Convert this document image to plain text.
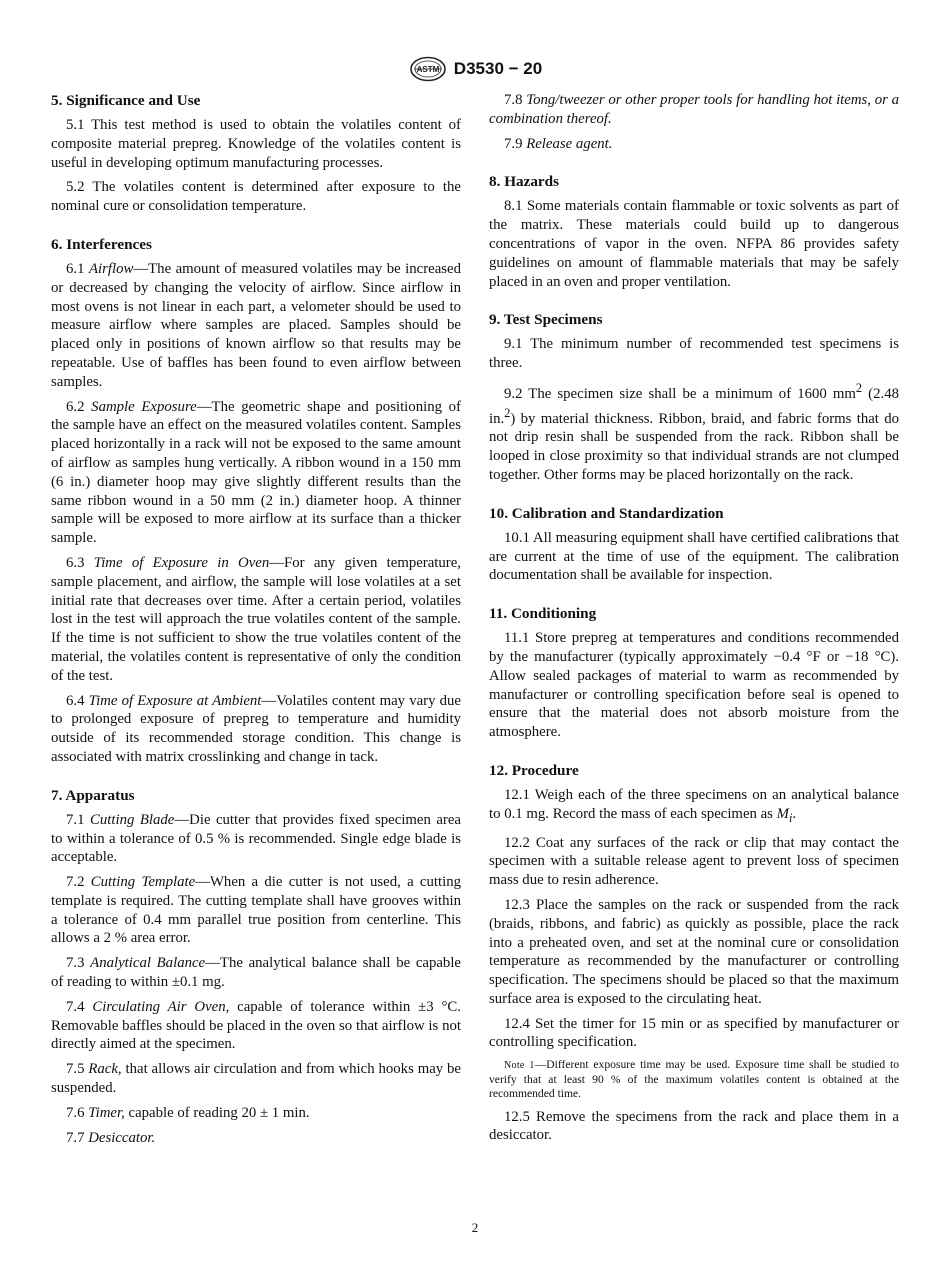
ASTM D3530 − 20
5. Significance and Use

5.1 This test method is used to obtain the volatiles content of composite material prepreg. Knowledge of the volatiles content is useful in developing optimum manufacturing processes.

5.2 The volatiles content is determined after exposure to the nominal cure or consolidation temperature.

6. Interferences

6.1 Airflow—The amount of measured volatiles may be increased or decreased by changing the velocity of airflow. Since airflow in most ovens is not linear in each part, a velometer should be used to measure airflow where samples are placed. Samples should be placed only in positions of known airflow so that results may be repeatable. Use of baffles has been found to even airflow between samples.

6.2 Sample Exposure—The geometric shape and positioning of the sample have an effect on the measured volatiles content. Samples placed horizontally in a rack will not be exposed to the same amount of airflow as samples hung vertically. A ribbon wound in a 150 mm (6 in.) diameter hoop may give slightly different results than the same ribbon wound in a 50 mm (2 in.) diameter hoop. A thinner sample will be exposed to more airflow at its surface than a thicker sample.

6.3 Time of Exposure in Oven—For any given temperature, sample placement, and airflow, the sample will lose volatiles at a set initial rate that decreases over time. After a certain period, volatiles lost in the test will approach the true volatiles content of the sample. If the time is not sufficient to show the true volatiles content of the material, the volatiles content is representative of only the condition of the test.

6.4 Time of Exposure at Ambient—Volatiles content may vary due to prolonged exposure of prepreg to temperature and humidity outside of its recommended storage condition. This change is associated with matrix crosslinking and change in tack.

7. Apparatus

7.1 Cutting Blade—Die cutter that provides fixed specimen area to within a tolerance of 0.5 % is recommended. Single edge blade is acceptable.

7.2 Cutting Template—When a die cutter is not used, a cutting template is required. The cutting template shall have grooves within a tolerance of 0.4 mm parallel true position from centerline. This allows a 2 % area error.

7.3 Analytical Balance—The analytical balance shall be capable of reading to within ±0.1 mg.

7.4 Circulating Air Oven, capable of tolerance within ±3 °C. Removable baffles should be placed in the oven so that airflow is not directly aimed at the specimen.

7.5 Rack, that allows air circulation and from which hooks may be suspended.

7.6 Timer, capable of reading 20 ± 1 min.

7.7 Desiccator.

7.8 Tong/tweezer or other proper tools for handling hot items, or a combination thereof.

7.9 Release agent.

8. Hazards

8.1 Some materials contain flammable or toxic solvents as part of the matrix. These materials could build up to dangerous concentrations of vapor in the oven. NFPA 86 provides safety guidelines on amount of flammable materials that may be safely placed in an oven and proper ventilation.

9. Test Specimens

9.1 The minimum number of recommended test specimens is three.

9.2 The specimen size shall be a minimum of 1600 $mm^2$ (2.48 in.$^2$) by material thickness. Ribbon, braid, and fabric forms that do not drip resin shall be suspended from the rack. Ribbon shall be looped in close proximity so that individual strands are not clumped together. Other forms may be placed horizontally on the rack.

10. Calibration and Standardization

10.1 All measuring equipment shall have certified calibrations that are current at the time of use of the equipment. The calibration documentation shall be available for inspection.

11. Conditioning

11.1 Store prepreg at temperatures and conditions recommended by the manufacturer (typically approximately −0.4 °F or −18 °C). Allow sealed packages of material to warm as recommended by manufacturer or controlling specification before seal is opened to ensure that the material does not absorb moisture from the atmosphere.

12. Procedure

12.1 Weigh each of the three specimens on an analytical balance to 0.1 mg. Record the mass of each specimen as $M_i$.

12.2 Coat any surfaces of the rack or clip that may contact the specimen with a suitable release agent to prevent loss of specimen mass due to resin adherence.

12.3 Place the samples on the rack or suspended from the rack (braids, ribbons, and fabric) as quickly as possible, place the rack into a preheated oven, and set at the nominal cure or consolidation temperature as recommended by the manufacturer or controlling specification. The specimens should be placed so that the maximum surface area is exposed to the circulating heat.

12.4 Set the timer for 15 min or as specified by manufacturer or controlling specification.

Note 1—Different exposure time may be used. Exposure time shall be studied to verify that at least 90 % of the maximum volatiles content is obtained at the recommended time.

12.5 Remove the specimens from the rack and place them in a desiccator.

2
